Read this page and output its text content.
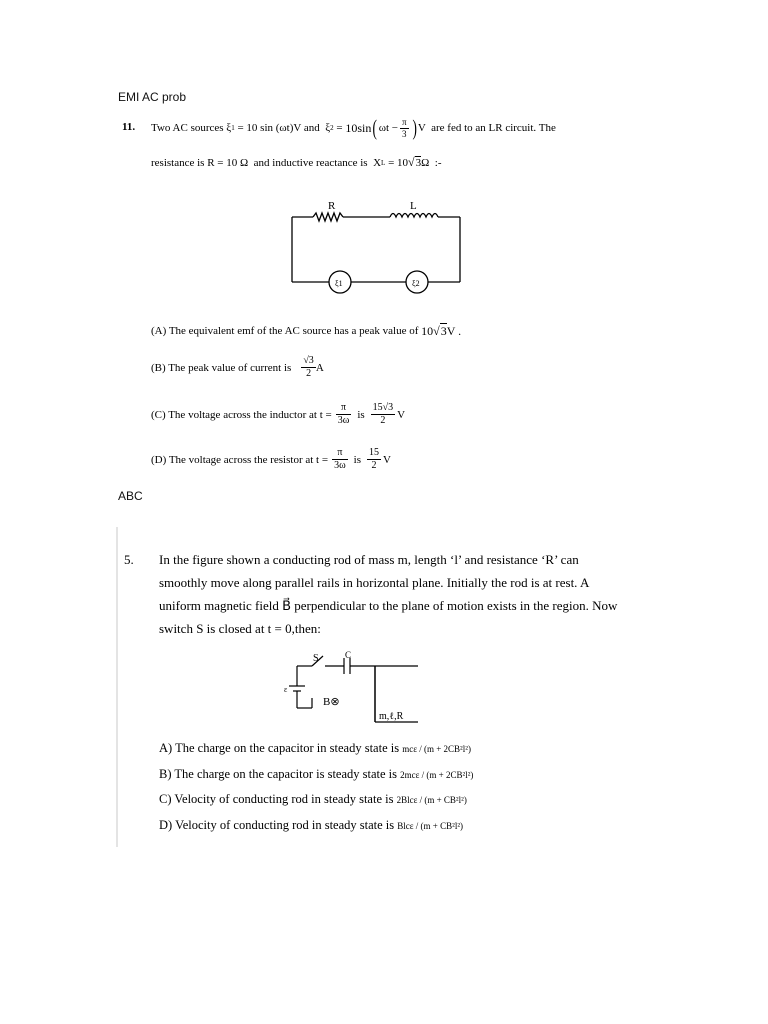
EMI AC prob
ABC
11. Two AC sources ξ 1 = 10 sin (ωt)V and  ξ 2 = 10sin ( $\omega t - \frac{\pi}{3}$ ) V  are fed to an LR circuit. The
resistance is R = 10 Ω  and inductive reactance is  X L = 10 √ 3 Ω  :-
R	L
ξ1	ξ2
(A) The equivalent emf of the AC source has a peak value of 10 √ 3 V .
(B) The peak value of current is $\frac{√3}{2}$ A
(C) The voltage across the inductor at $t = \frac{\pi}{3\omega}$ is $\frac{15√3}{2}$ V
(D) The voltage across the resistor at $t = \frac{\pi}{3\omega}$ is $\frac{15}{2}$ V
5. In the figure shown a conducting rod of mass m, length ‘l’ and resistance ‘R’ can
smoothly move along parallel rails in horizontal plane. Initially the rod is at rest. A
uniform magnetic field B⃗ perpendicular to the plane of motion exists in the region. Now
switch S is closed at t = 0,then:
S	C
ε
B⊗
m,ℓ,R
A) The charge on the capacitor in steady state is mcε / (m + 2CB²l²)
B) The charge on the capacitor is steady state is 2mcε / (m + 2CB²l²)
C) Velocity of conducting rod in steady state is 2Blcε / (m + CB²l²)
D) Velocity of conducting rod in steady state is Blcε / (m + CB²l²)
